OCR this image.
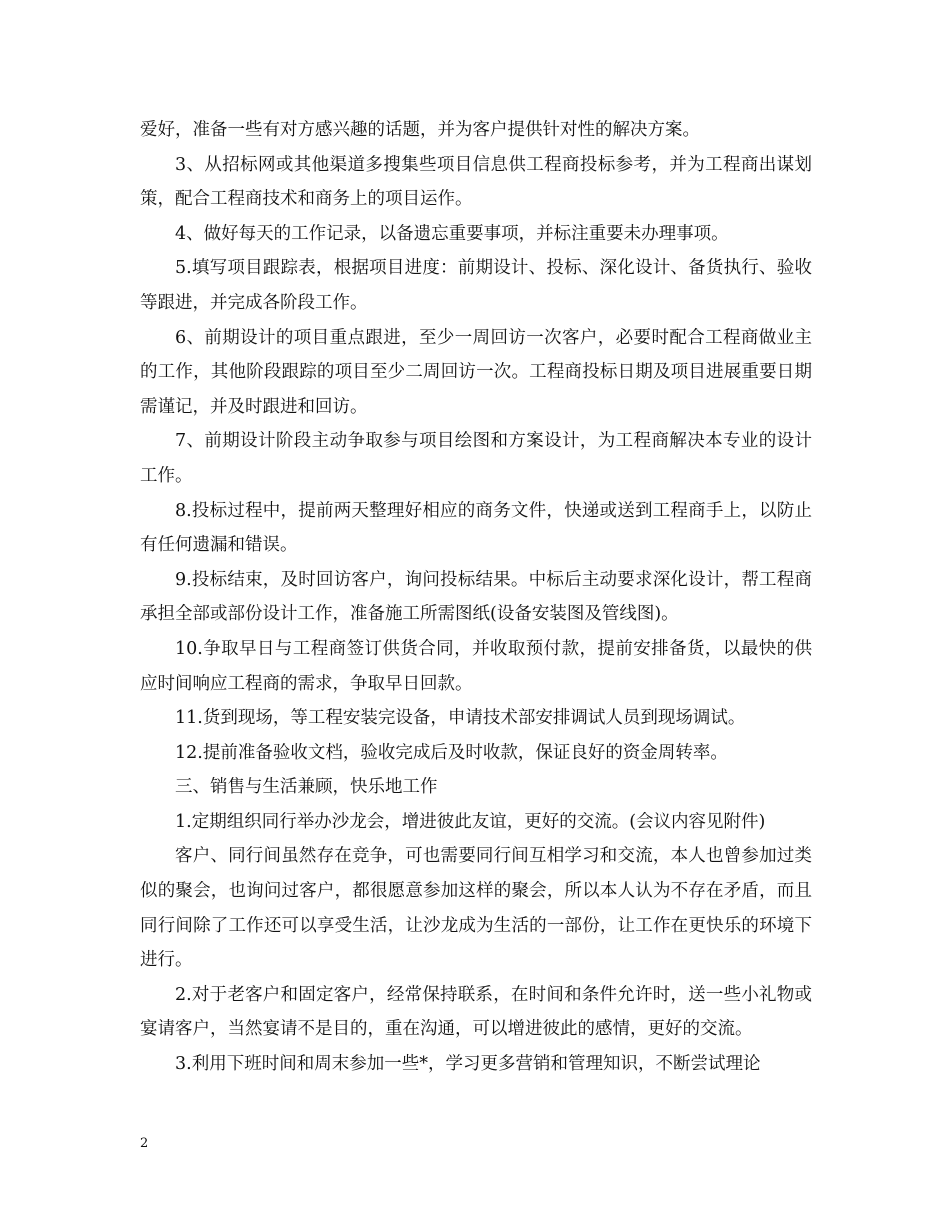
爱好，准备一些有对方感兴趣的话题，并为客户提供针对性的解决方案。

3、从招标网或其他渠道多搜集些项目信息供工程商投标参考，并为工程商出谋划策，配合工程商技术和商务上的项目运作。

4、做好每天的工作记录，以备遗忘重要事项，并标注重要未办理事项。

5.填写项目跟踪表，根据项目进度：前期设计、投标、深化设计、备货执行、验收等跟进，并完成各阶段工作。

6、前期设计的项目重点跟进，至少一周回访一次客户，必要时配合工程商做业主的工作，其他阶段跟踪的项目至少二周回访一次。工程商投标日期及项目进展重要日期需谨记，并及时跟进和回访。

7、前期设计阶段主动争取参与项目绘图和方案设计，为工程商解决本专业的设计工作。

8.投标过程中，提前两天整理好相应的商务文件，快递或送到工程商手上，以防止有任何遗漏和错误。

9.投标结束，及时回访客户，询问投标结果。中标后主动要求深化设计，帮工程商承担全部或部份设计工作，准备施工所需图纸(设备安装图及管线图)。

10.争取早日与工程商签订供货合同，并收取预付款，提前安排备货，以最快的供应时间响应工程商的需求，争取早日回款。

11.货到现场，等工程安装完设备，申请技术部安排调试人员到现场调试。

12.提前准备验收文档，验收完成后及时收款，保证良好的资金周转率。

三、销售与生活兼顾，快乐地工作

1.定期组织同行举办沙龙会，增进彼此友谊，更好的交流。(会议内容见附件)

客户、同行间虽然存在竞争，可也需要同行间互相学习和交流，本人也曾参加过类似的聚会，也询问过客户，都很愿意参加这样的聚会，所以本人认为不存在矛盾，而且同行间除了工作还可以享受生活，让沙龙成为生活的一部份，让工作在更快乐的环境下进行。

2.对于老客户和固定客户，经常保持联系，在时间和条件允许时，送一些小礼物或宴请客户，当然宴请不是目的，重在沟通，可以增进彼此的感情，更好的交流。

3.利用下班时间和周末参加一些*，学习更多营销和管理知识，不断尝试理论

2
